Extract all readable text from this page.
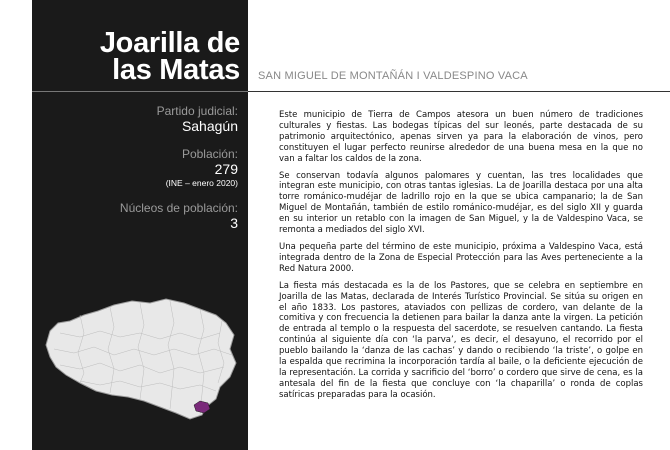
Joarilla de
las Matas SAN MIGUEL DE MONTAÑÁN I VALDESPINO VACA
Partido judicial:
Sahagún
Población:
279
(INE – enero 2020)
Núcleos de población:
3

Este municipio de Tierra de Campos atesora un buen número de tradiciones culturales y fiestas. Las bodegas típicas del sur leonés, parte destacada de su patrimonio arquitectónico, apenas sirven ya para la elaboración de vinos, pero constituyen el lugar perfecto reunirse alrededor de una buena mesa en la que no van a faltar los caldos de la zona.

Se conservan todavía algunos palomares y cuentan, las tres localidades que integran este municipio, con otras tantas iglesias. La de Joarilla destaca por una alta torre románico-mudéjar de ladrillo rojo en la que se ubica campanario; la de San Miguel de Montañán, también de estilo románico-mudéjar, es del siglo XII y guarda en su interior un retablo con la imagen de San Miguel, y la de Valdespino Vaca, se remonta a mediados del siglo XVI.

Una pequeña parte del término de este municipio, próxima a Valdespino Vaca, está integrada dentro de la Zona de Especial Protección para las Aves perteneciente a la Red Natura 2000.

La fiesta más destacada es la de los Pastores, que se celebra en septiembre en Joarilla de las Matas, declarada de Interés Turístico Provincial. Se sitúa su origen en el año 1833. Los pastores, ataviados con pellizas de cordero, van delante de la comitiva y con frecuencia la detienen para bailar la danza ante la virgen. La petición de entrada al templo o la respuesta del sacerdote, se resuelven cantando. La fiesta continúa al siguiente día con ‘la parva’, es decir, el desayuno, el recorrido por el pueblo bailando la ‘danza de las cachas’ y dando o recibiendo ‘la triste’, o golpe en la espalda que recrimina la incorporación tardía al baile, o la deficiente ejecución de la representación. La corrida y sacrificio del ‘borro’ o cordero que sirve de cena, es la antesala del fin de la fiesta que concluye con ‘la chaparilla’ o ronda de coplas satíricas preparadas para la ocasión.
